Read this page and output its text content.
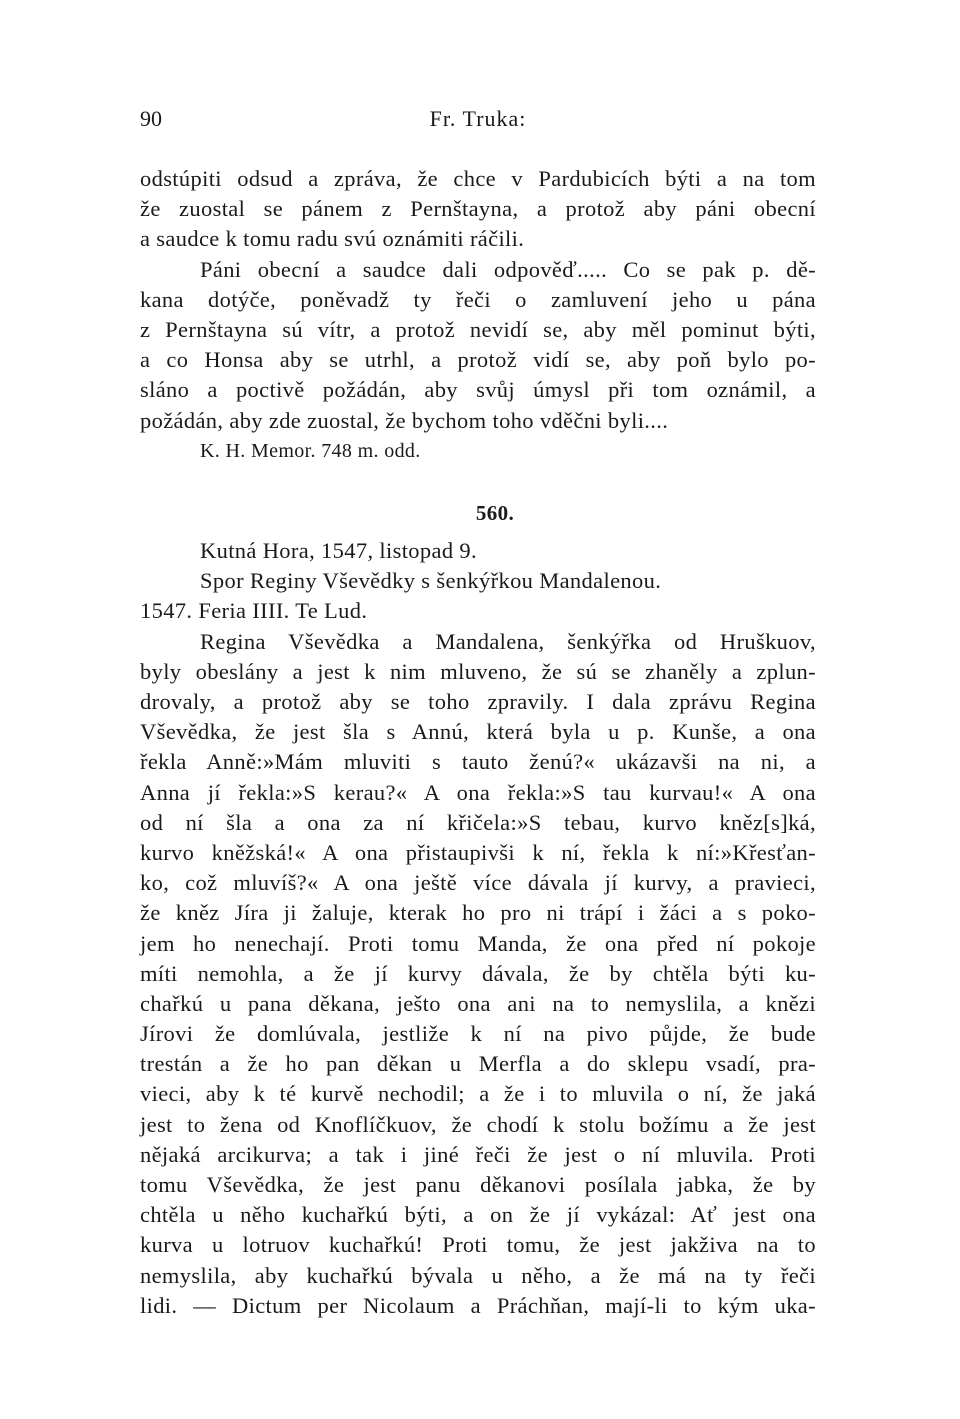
90	Fr. Truka:
odstúpiti odsud a zpráva, že chce v Pardubicích býti a na tom
že zuostal se pánem z Pernštayna, a protož aby páni obecní
a saudce k tomu radu svú oznámiti ráčili.
Páni obecní a saudce dali odpověď..... Co se pak p. dě-
kana dotýče, poněvadž ty řeči o zamluvení jeho u pána
z Pernštayna sú vítr, a protož nevidí se, aby měl pominut býti,
a co Honsa aby se utrhl, a protož vidí se, aby poň bylo po-
sláno a poctivě požádán, aby svůj úmysl při tom oznámil, a
požádán, aby zde zuostal, že bychom toho vděčni byli....
K. H. Memor. 748 m. odd.
560.
Kutná Hora, 1547, listopad 9.
Spor Reginy Vševědky s šenkýřkou Mandalenou.
1547. Feria IIII. Te Lud.
Regina Vševědka a Mandalena, šenkýřka od Hruškuov,
byly obeslány a jest k nim mluveno, že sú se zhaněly a zplun-
drovaly, a protož aby se toho zpravily. I dala zprávu Regina
Vševědka, že jest šla s Annú, která byla u p. Kunše, a ona
řekla Anně:»Mám mluviti s tauto ženú?« ukázavši na ni, a
Anna jí řekla:»S kerau?« A ona řekla:»S tau kurvau!« A ona
od ní šla a ona za ní křičela:»S tebau, kurvo kněz[s]ká,
kurvo kněžská!« A ona přistaupivši k ní, řekla k ní:»Křesťan-
ko, což mluvíš?« A ona ještě více dávala jí kurvy, a pravieci,
že kněz Jíra ji žaluje, kterak ho pro ni trápí i žáci a s poko-
jem ho nenechají. Proti tomu Manda, že ona před ní pokoje
míti nemohla, a že jí kurvy dávala, že by chtěla býti ku-
chařkú u pana děkana, ješto ona ani na to nemyslila, a knězi
Jírovi že domlúvala, jestliže k ní na pivo půjde, že bude
trestán a že ho pan děkan u Merfla a do sklepu vsadí, pra-
vieci, aby k té kurvě nechodil; a že i to mluvila o ní, že jaká
jest to žena od Knoflíčkuov, že chodí k stolu božímu a že jest
nějaká arcikurva; a tak i jiné řeči že jest o ní mluvila. Proti
tomu Vševědka, že jest panu děkanovi posílala jabka, že by
chtěla u něho kuchařkú býti, a on že jí vykázal: Ať jest ona
kurva u lotruov kuchařkú! Proti tomu, že jest jakživa na to
nemyslila, aby kuchařkú bývala u něho, a že má na ty řeči
lidi. — Dictum per Nicolaum a Práchňan, mají-li to kým uka-
